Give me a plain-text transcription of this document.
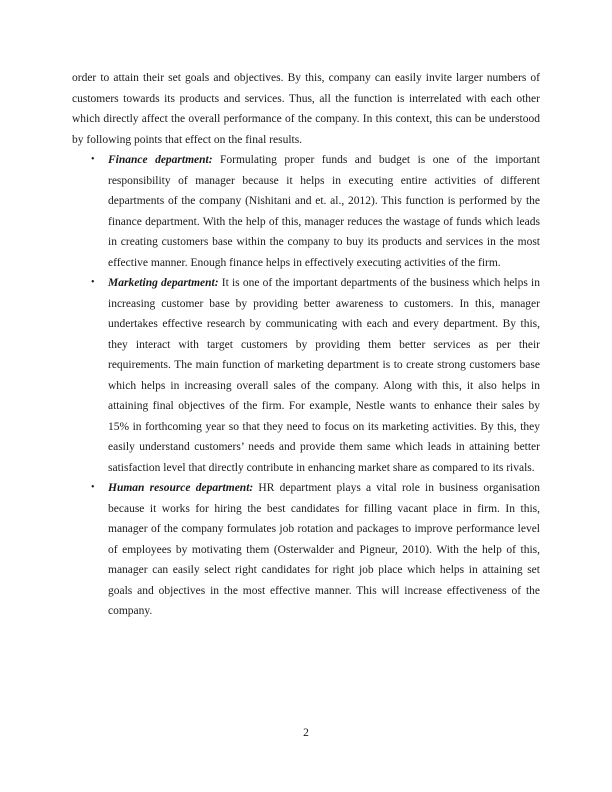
order to attain their set goals and objectives. By this, company can easily invite larger numbers of customers towards its products and services. Thus, all the function is interrelated with each other which directly affect the overall performance of the company. In this context, this can be understood by following points that effect on the final results.

• Finance department: Formulating proper funds and budget is one of the important responsibility of manager because it helps in executing entire activities of different departments of the company (Nishitani and et. al., 2012). This function is performed by the finance department. With the help of this, manager reduces the wastage of funds which leads in creating customers base within the company to buy its products and services in the most effective manner. Enough finance helps in effectively executing activities of the firm.
• Marketing department: It is one of the important departments of the business which helps in increasing customer base by providing better awareness to customers. In this, manager undertakes effective research by communicating with each and every department. By this, they interact with target customers by providing them better services as per their requirements. The main function of marketing department is to create strong customers base which helps in increasing overall sales of the company. Along with this, it also helps in attaining final objectives of the firm. For example, Nestle wants to enhance their sales by 15% in forthcoming year so that they need to focus on its marketing activities. By this, they easily understand customers’ needs and provide them same which leads in attaining better satisfaction level that directly contribute in enhancing market share as compared to its rivals.
• Human resource department: HR department plays a vital role in business organisation because it works for hiring the best candidates for filling vacant place in firm. In this, manager of the company formulates job rotation and packages to improve performance level of employees by motivating them (Osterwalder and Pigneur, 2010). With the help of this, manager can easily select right candidates for right job place which helps in attaining set goals and objectives in the most effective manner. This will increase effectiveness of the company.
2
